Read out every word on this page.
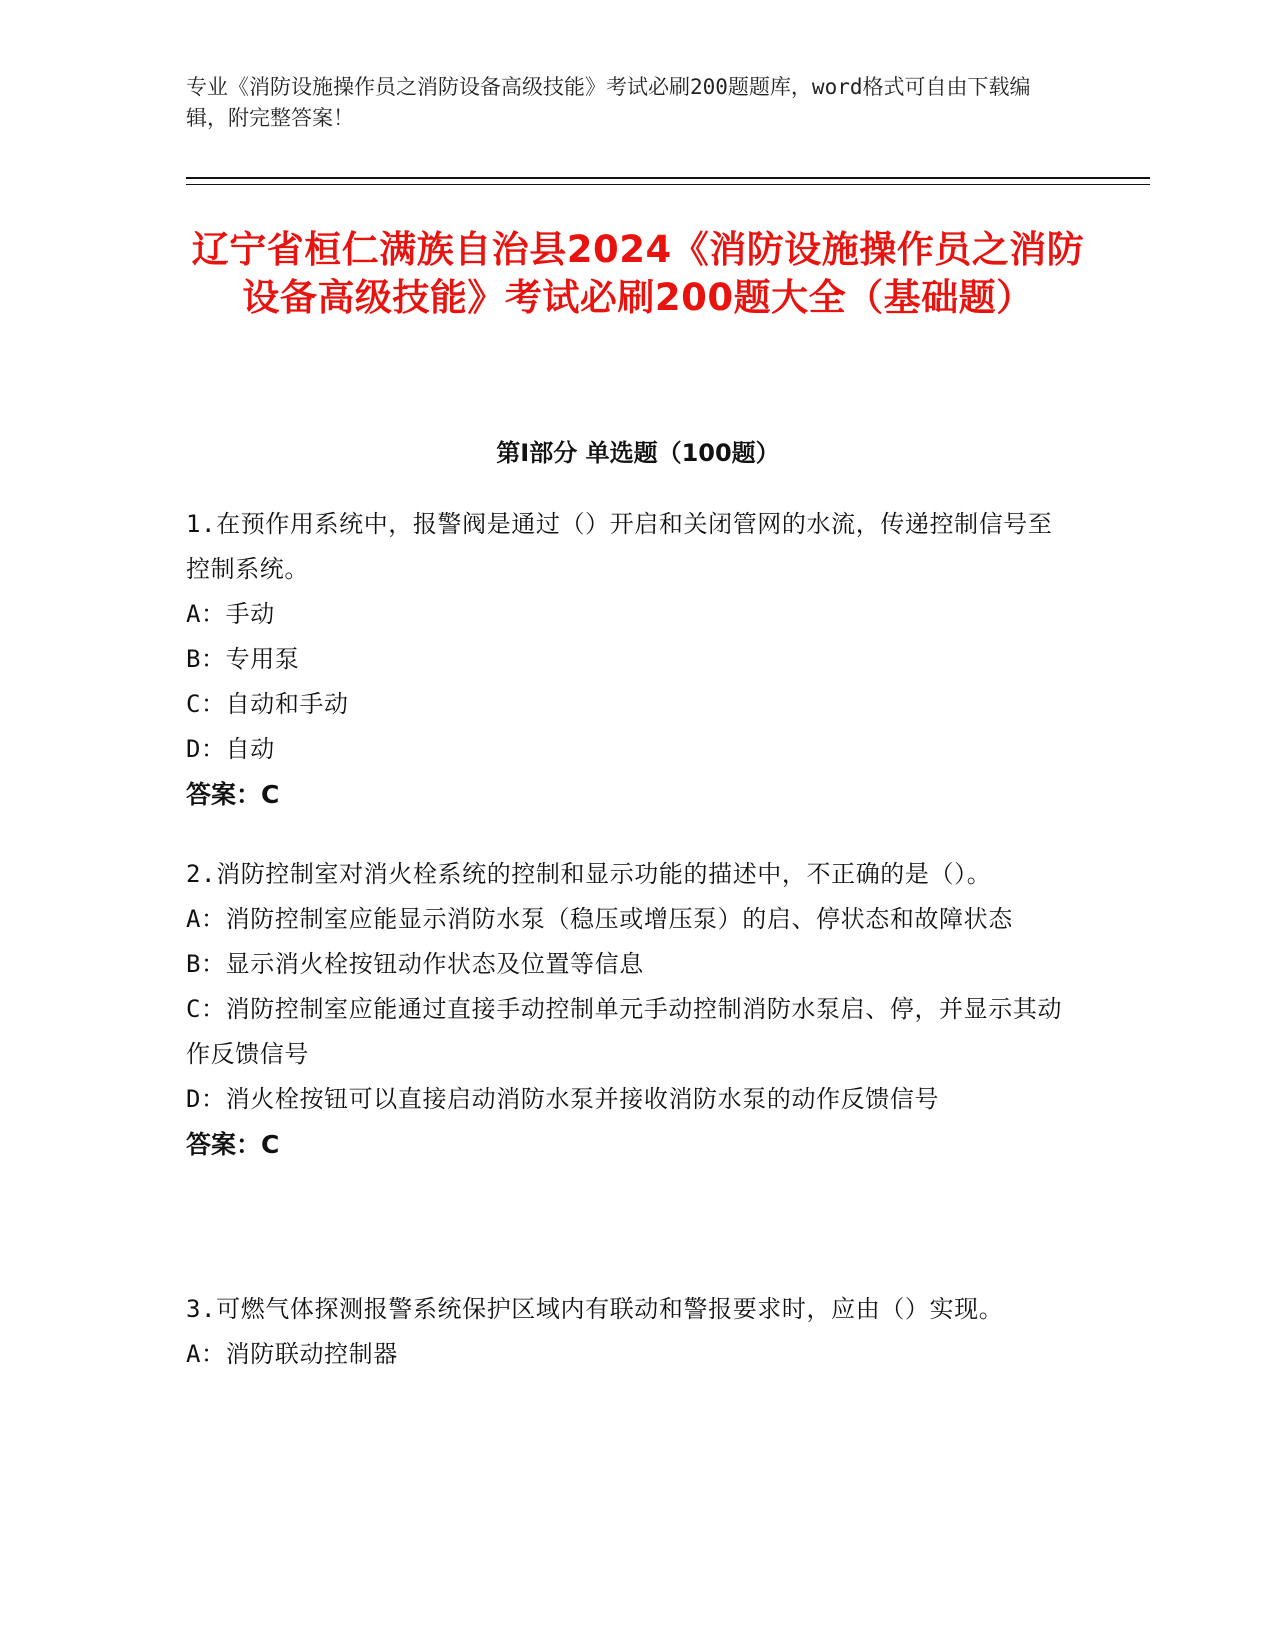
专业《消防设施操作员之消防设备高级技能》考试必刷200题题库，word格式可自由下载编辑，附完整答案！
辽宁省桓仁满族自治县2024《消防设施操作员之消防设备高级技能》考试必刷200题大全（基础题）
第Ⅰ部分 单选题（100题）
1.在预作用系统中，报警阀是通过（）开启和关闭管网的水流，传递控制信号至控制系统。
A：手动
B：专用泵
C：自动和手动
D：自动
答案：C
2.消防控制室对消火栓系统的控制和显示功能的描述中，不正确的是（）。
A：消防控制室应能显示消防水泵（稳压或增压泵）的启、停状态和故障状态
B：显示消火栓按钮动作状态及位置等信息
C：消防控制室应能通过直接手动控制单元手动控制消防水泵启、停，并显示其动作反馈信号
D：消火栓按钮可以直接启动消防水泵并接收消防水泵的动作反馈信号
答案：C
3.可燃气体探测报警系统保护区域内有联动和警报要求时，应由（）实现。
A：消防联动控制器
